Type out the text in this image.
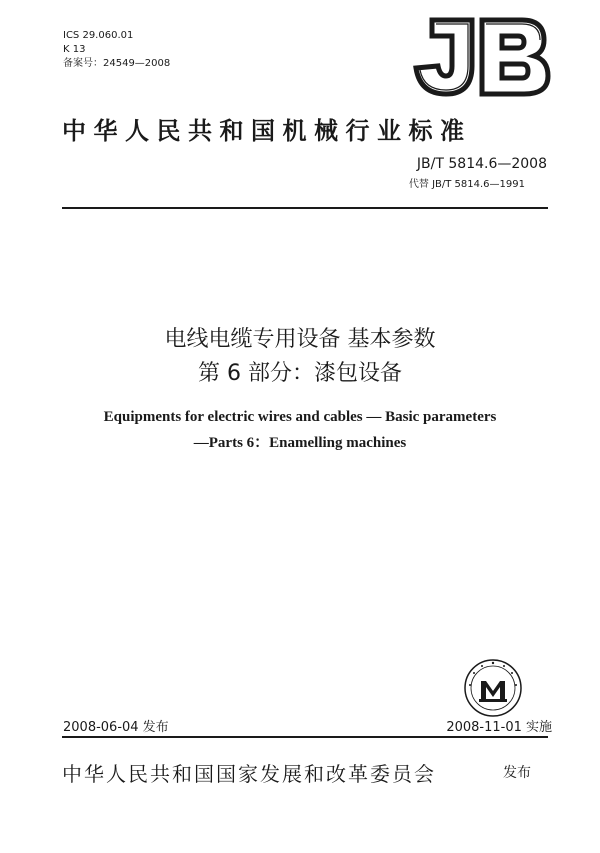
ICS 29.060.01
K 13
备案号：24549—2008
中华人民共和国机械行业标准
JB/T 5814.6—2008
代替 JB/T 5814.6—1991
电线电缆专用设备 基本参数
第 6 部分：漆包设备
Equipments for electric wires and cables — Basic parameters
—Parts 6：Enamelling machines
2008-06-04 发布	2008-11-01 实施
中华人民共和国国家发展和改革委员会	发布
